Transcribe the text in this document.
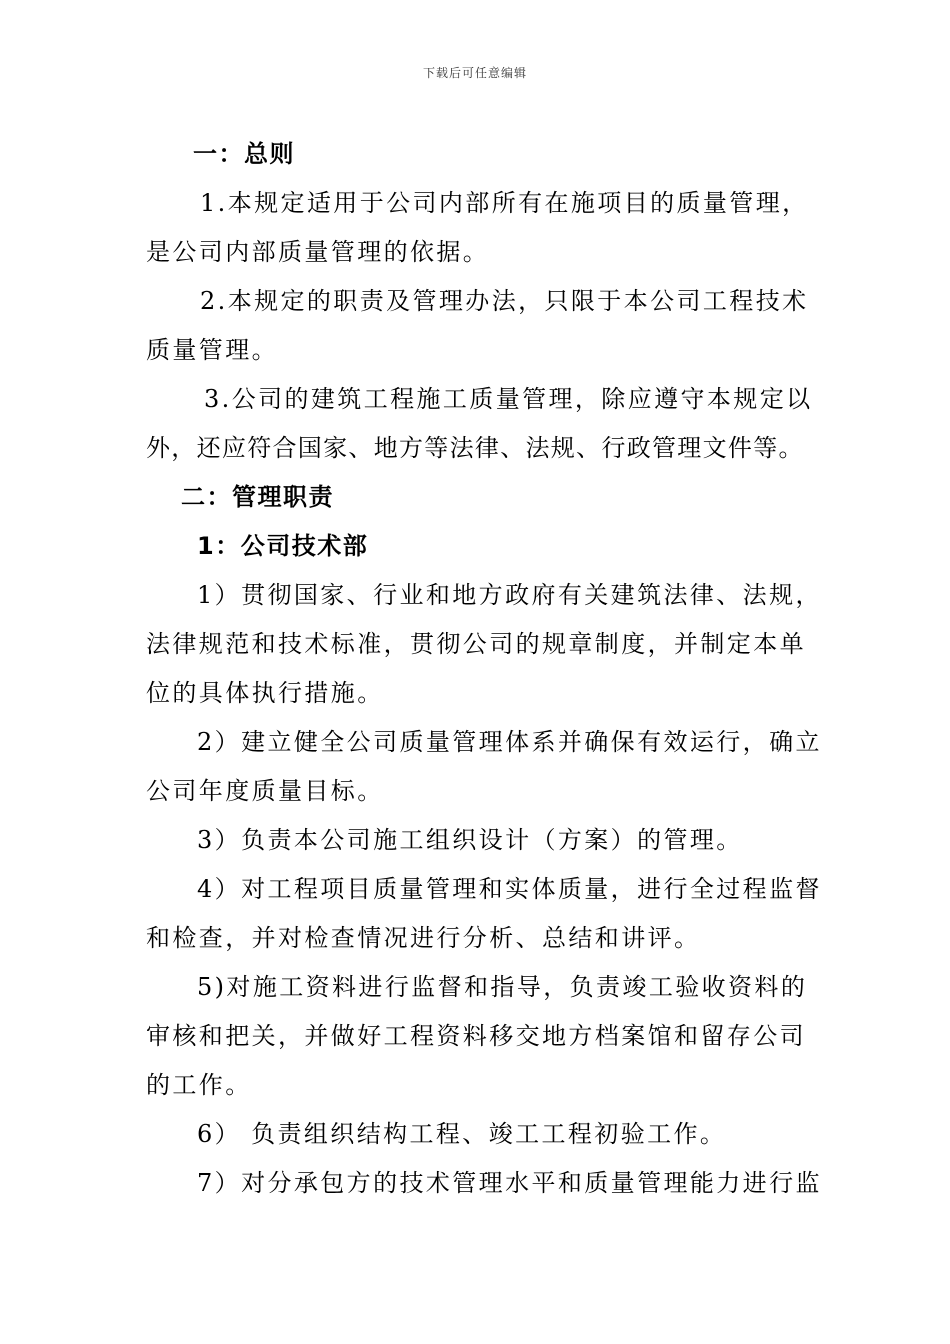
下载后可任意编辑
一：总则
1.本规定适用于公司内部所有在施项目的质量管理，
是公司内部质量管理的依据。
2.本规定的职责及管理办法，只限于本公司工程技术
质量管理。
3.公司的建筑工程施工质量管理，除应遵守本规定以
外，还应符合国家、地方等法律、法规、行政管理文件等。
二：管理职责
1：公司技术部
1）贯彻国家、行业和地方政府有关建筑法律、法规，
法律规范和技术标准，贯彻公司的规章制度，并制定本单
位的具体执行措施。
2）建立健全公司质量管理体系并确保有效运行，确立
公司年度质量目标。
3）负责本公司施工组织设计（方案）的管理。
4）对工程项目质量管理和实体质量，进行全过程监督
和检查，并对检查情况进行分析、总结和讲评。
5)对施工资料进行监督和指导，负责竣工验收资料的
审核和把关，并做好工程资料移交地方档案馆和留存公司
的工作。
6） 负责组织结构工程、竣工工程初验工作。
7）对分承包方的技术管理水平和质量管理能力进行监
